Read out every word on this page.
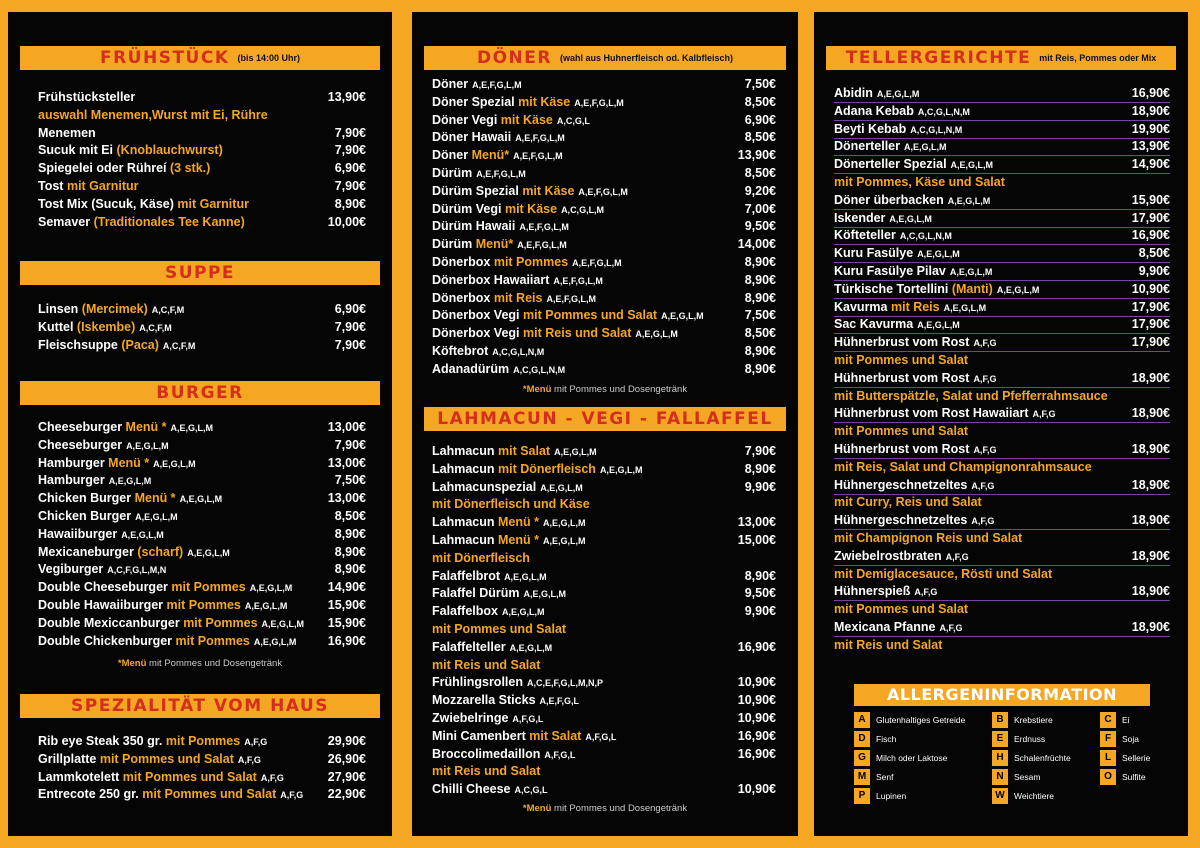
FRÜHSTÜCK (bis 14:00 Uhr)
Frühstücksteller	13,90€
auswahl Menemen,Wurst mit Ei, Rühre
Menemen	7,90€
Sucuk mit Ei (Knoblauchwurst)	7,90€
Spiegelei oder Rühreí (3 stk.)	6,90€
Tost mit Garnitur	7,90€
Tost Mix (Sucuk, Käse) mit Garnitur	8,90€
Semaver (Traditionales Tee Kanne)	10,00€
SUPPE
Linsen (Mercimek) A,C,F,M	6,90€
Kuttel (Iskembe) A,C,F,M	7,90€
Fleischsuppe (Paca) A,C,F,M	7,90€
BURGER
Cheeseburger Menü * A,E,G,L,M	13,00€
Cheeseburger A,E,G,L,M	7,90€
Hamburger Menü * A,E,G,L,M	13,00€
Hamburger A,E,G,L,M	7,50€
Chicken Burger Menü * A,E,G,L,M	13,00€
Chicken Burger A,E,G,L,M	8,50€
Hawaiiburger A,E,G,L,M	8,90€
Mexicaneburger (scharf) A,E,G,L,M	8,90€
Vegiburger A,C,F,G,L,M,N	8,90€
Double Cheeseburger mit Pommes A,E,G,L,M	14,90€
Double Hawaiiburger mit Pommes A,E,G,L,M	15,90€
Double Mexiccanburger mit Pommes A,E,G,L,M 15,90€
Double Chickenburger mit Pommes A,E,G,L,M	16,90€
*Menü mit Pommes und Dosengetränk
SPEZIALITÄT VOM HAUS
Rib eye Steak 350 gr. mit Pommes A,F,G	29,90€
Grillplatte mit Pommes und Salat A,F,G	26,90€
Lammkotelett mit Pommes und Salat A,F,G	27,90€
Entrecote 250 gr. mit Pommes und Salat A,F,G 22,90€
DÖNER (wahl aus Huhnerfleisch od. Kalbfleisch)
Döner A,E,F,G,L,M	7,50€
Döner Spezial mit Käse A,E,F,G,L,M	8,50€
Döner Vegi mit Käse A,C,G,L	6,90€
Döner Hawaii A,E,F,G,L,M	8,50€
Döner Menü* A,E,F,G,L,M	13,90€
Dürüm A,E,F,G,L,M	8,50€
Dürüm Spezial mit Käse A,E,F,G,L,M	9,20€
Dürüm Vegi mit Käse A,C,G,L,M	7,00€
Dürüm Hawaii A,E,F,G,L,M	9,50€
Dürüm Menü* A,E,F,G,L,M	14,00€
Dönerbox mit Pommes A,E,F,G,L,M	8,90€
Dönerbox Hawaiiart A,E,F,G,L,M	8,90€
Dönerbox mit Reis A,E,F,G,L,M	8,90€
Dönerbox Vegi mit Pommes und Salat A,E,G,L,M	7,50€
Dönerbox Vegi mit Reis und Salat A,E,G,L,M	8,50€
Köftebrot A,C,G,L,N,M	8,90€
Adanadürüm A,C,G,L,N,M	8,90€
*Menü mit Pommes und Dosengetränk
LAHMACUN - VEGI - FALLAFFEL
Lahmacun mit Salat A,E,G,L,M	7,90€
Lahmacun mit Dönerfleisch A,E,G,L,M	8,90€
Lahmacunspezial A,E,G,L,M	9,90€
mit Dönerfleisch und Käse
Lahmacun Menü * A,E,G,L,M	13,00€
Lahmacun Menü * A,E,G,L,M	15,00€
mit Dönerfleisch
Falaffelbrot A,E,G,L,M	8,90€
Falaffel Dürüm A,E,G,L,M	9,50€
Falaffelbox A,E,G,L,M	9,90€
mit Pommes und Salat
Falaffelteller A,E,G,L,M	16,90€
mit Reis und Salat
Frühlingsrollen A,C,E,F,G,L,M,N,P	10,90€
Mozzarella Sticks A,E,F,G,L	10,90€
Zwiebelringe A,F,G,L	10,90€
Mini Camenbert mit Salat A,F,G,L	16,90€
Broccolimedaillon A,F,G,L	16,90€
mit Reis und Salat
Chilli Cheese A,C,G,L	10,90€
*Menü mit Pommes und Dosengetränk
TELLERGERICHTE mit Reis, Pommes oder Mix
Abidin A,E,G,L,M	16,90€
Adana Kebab A,C,G,L,N,M	18,90€
Beyti Kebab A,C,G,L,N,M	19,90€
Dönerteller A,E,G,L,M	13,90€
Dönerteller Spezial A,E,G,L,M	14,90€
mit Pommes, Käse und Salat
Döner überbacken A,E,G,L,M	15,90€
Iskender A,E,G,L,M	17,90€
Köfteteller A,C,G,L,N,M	16,90€
Kuru Fasülye A,E,G,L,M	8,50€
Kuru Fasülye Pilav A,E,G,L,M	9,90€
Türkische Tortellini (Manti) A,E,G,L,M	10,90€
Kavurma mit Reis A,E,G,L,M	17,90€
Sac Kavurma A,E,G,L,M	17,90€
Hühnerbrust vom Rost A,F,G	17,90€
mit Pommes und Salat
Hühnerbrust vom Rost A,F,G	18,90€
mit Butterspätzle, Salat und Pfefferrahmsauce
Hühnerbrust vom Rost Hawaiiart A,F,G	18,90€
mit Pommes und Salat
Hühnerbrust vom Rost A,F,G	18,90€
mit Reis, Salat und Champignonrahmsauce
Hühnergeschnetzeltes A,F,G	18,90€
mit Curry, Reis und Salat
Hühnergeschnetzeltes A,F,G	18,90€
mit Champignon Reis und Salat
Zwiebelrostbraten A,F,G	18,90€
mit Demiglacesauce, Rösti und Salat
Hühnerspieß A,F,G	18,90€
mit Pommes und Salat
Mexicana Pfanne A,F,G	18,90€
mit Reis und Salat
ALLERGENINFORMATION
A Glutenhaltiges Getreide
D Fisch
G Milch oder Laktose
M Senf
P Lupinen
B Krebstiere
E Erdnuss
H Schalenfrüchte
N Sesam
W Weichtiere
C Ei
F Soja
L Sellerie
O Sulfite
